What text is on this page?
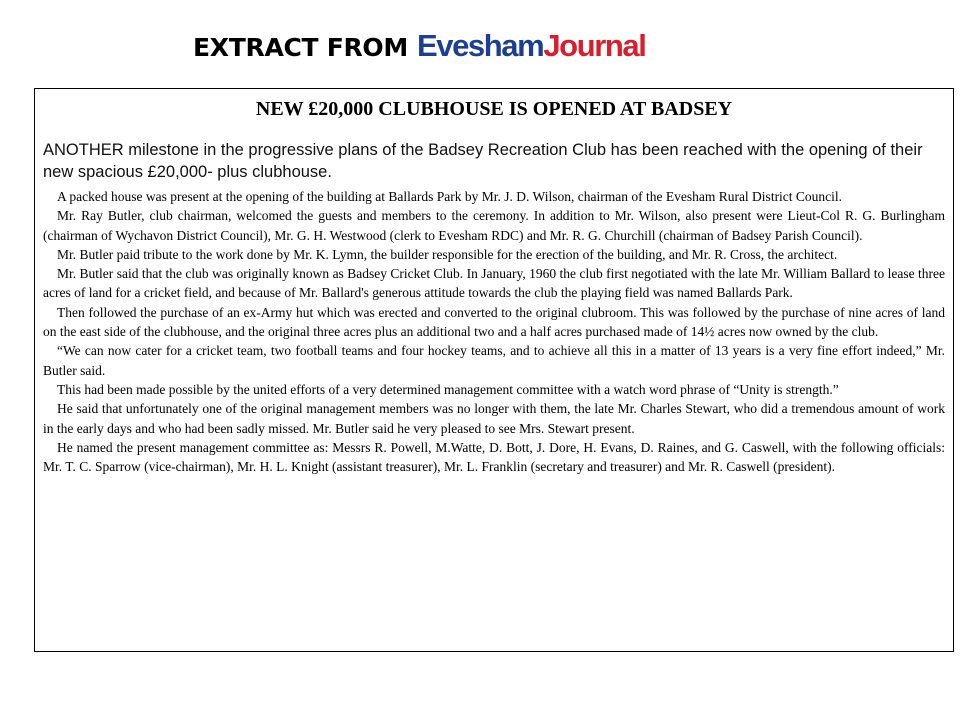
EXTRACT FROM EveshamJournal
NEW £20,000 CLUBHOUSE IS OPENED AT BADSEY

ANOTHER milestone in the progressive plans of the Badsey Recreation Club has been reached with the opening of their new spacious £20,000- plus clubhouse.

A packed house was present at the opening of the building at Ballards Park by Mr. J. D. Wilson, chairman of the Evesham Rural District Council.

Mr. Ray Butler, club chairman, welcomed the guests and members to the ceremony. In addition to Mr. Wilson, also present were Lieut-Col R. G. Burlingham (chairman of Wychavon District Council), Mr. G. H. Westwood (clerk to Evesham RDC) and Mr. R. G. Churchill (chairman of Badsey Parish Council).

Mr. Butler paid tribute to the work done by Mr. K. Lymn, the builder responsible for the erection of the building, and Mr. R. Cross, the architect.

Mr. Butler said that the club was originally known as Badsey Cricket Club. In January, 1960 the club first negotiated with the late Mr. William Ballard to lease three acres of land for a cricket field, and because of Mr. Ballard's generous attitude towards the club the playing field was named Ballards Park.

Then followed the purchase of an ex-Army hut which was erected and converted to the original clubroom. This was followed by the purchase of nine acres of land on the east side of the clubhouse, and the original three acres plus an additional two and a half acres purchased made of 14½ acres now owned by the club.

“We can now cater for a cricket team, two football teams and four hockey teams, and to achieve all this in a matter of 13 years is a very fine effort indeed,” Mr. Butler said.

This had been made possible by the united efforts of a very determined management committee with a watch word phrase of “Unity is strength.”

He said that unfortunately one of the original management members was no longer with them, the late Mr. Charles Stewart, who did a tremendous amount of work in the early days and who had been sadly missed. Mr. Butler said he very pleased to see Mrs. Stewart present.

He named the present management committee as: Messrs R. Powell, M.Watte, D. Bott, J. Dore, H. Evans, D. Raines, and G. Caswell, with the following officials: Mr. T. C. Sparrow (vice-chairman), Mr. H. L. Knight (assistant treasurer), Mr. L. Franklin (secretary and treasurer) and Mr. R. Caswell (president).
